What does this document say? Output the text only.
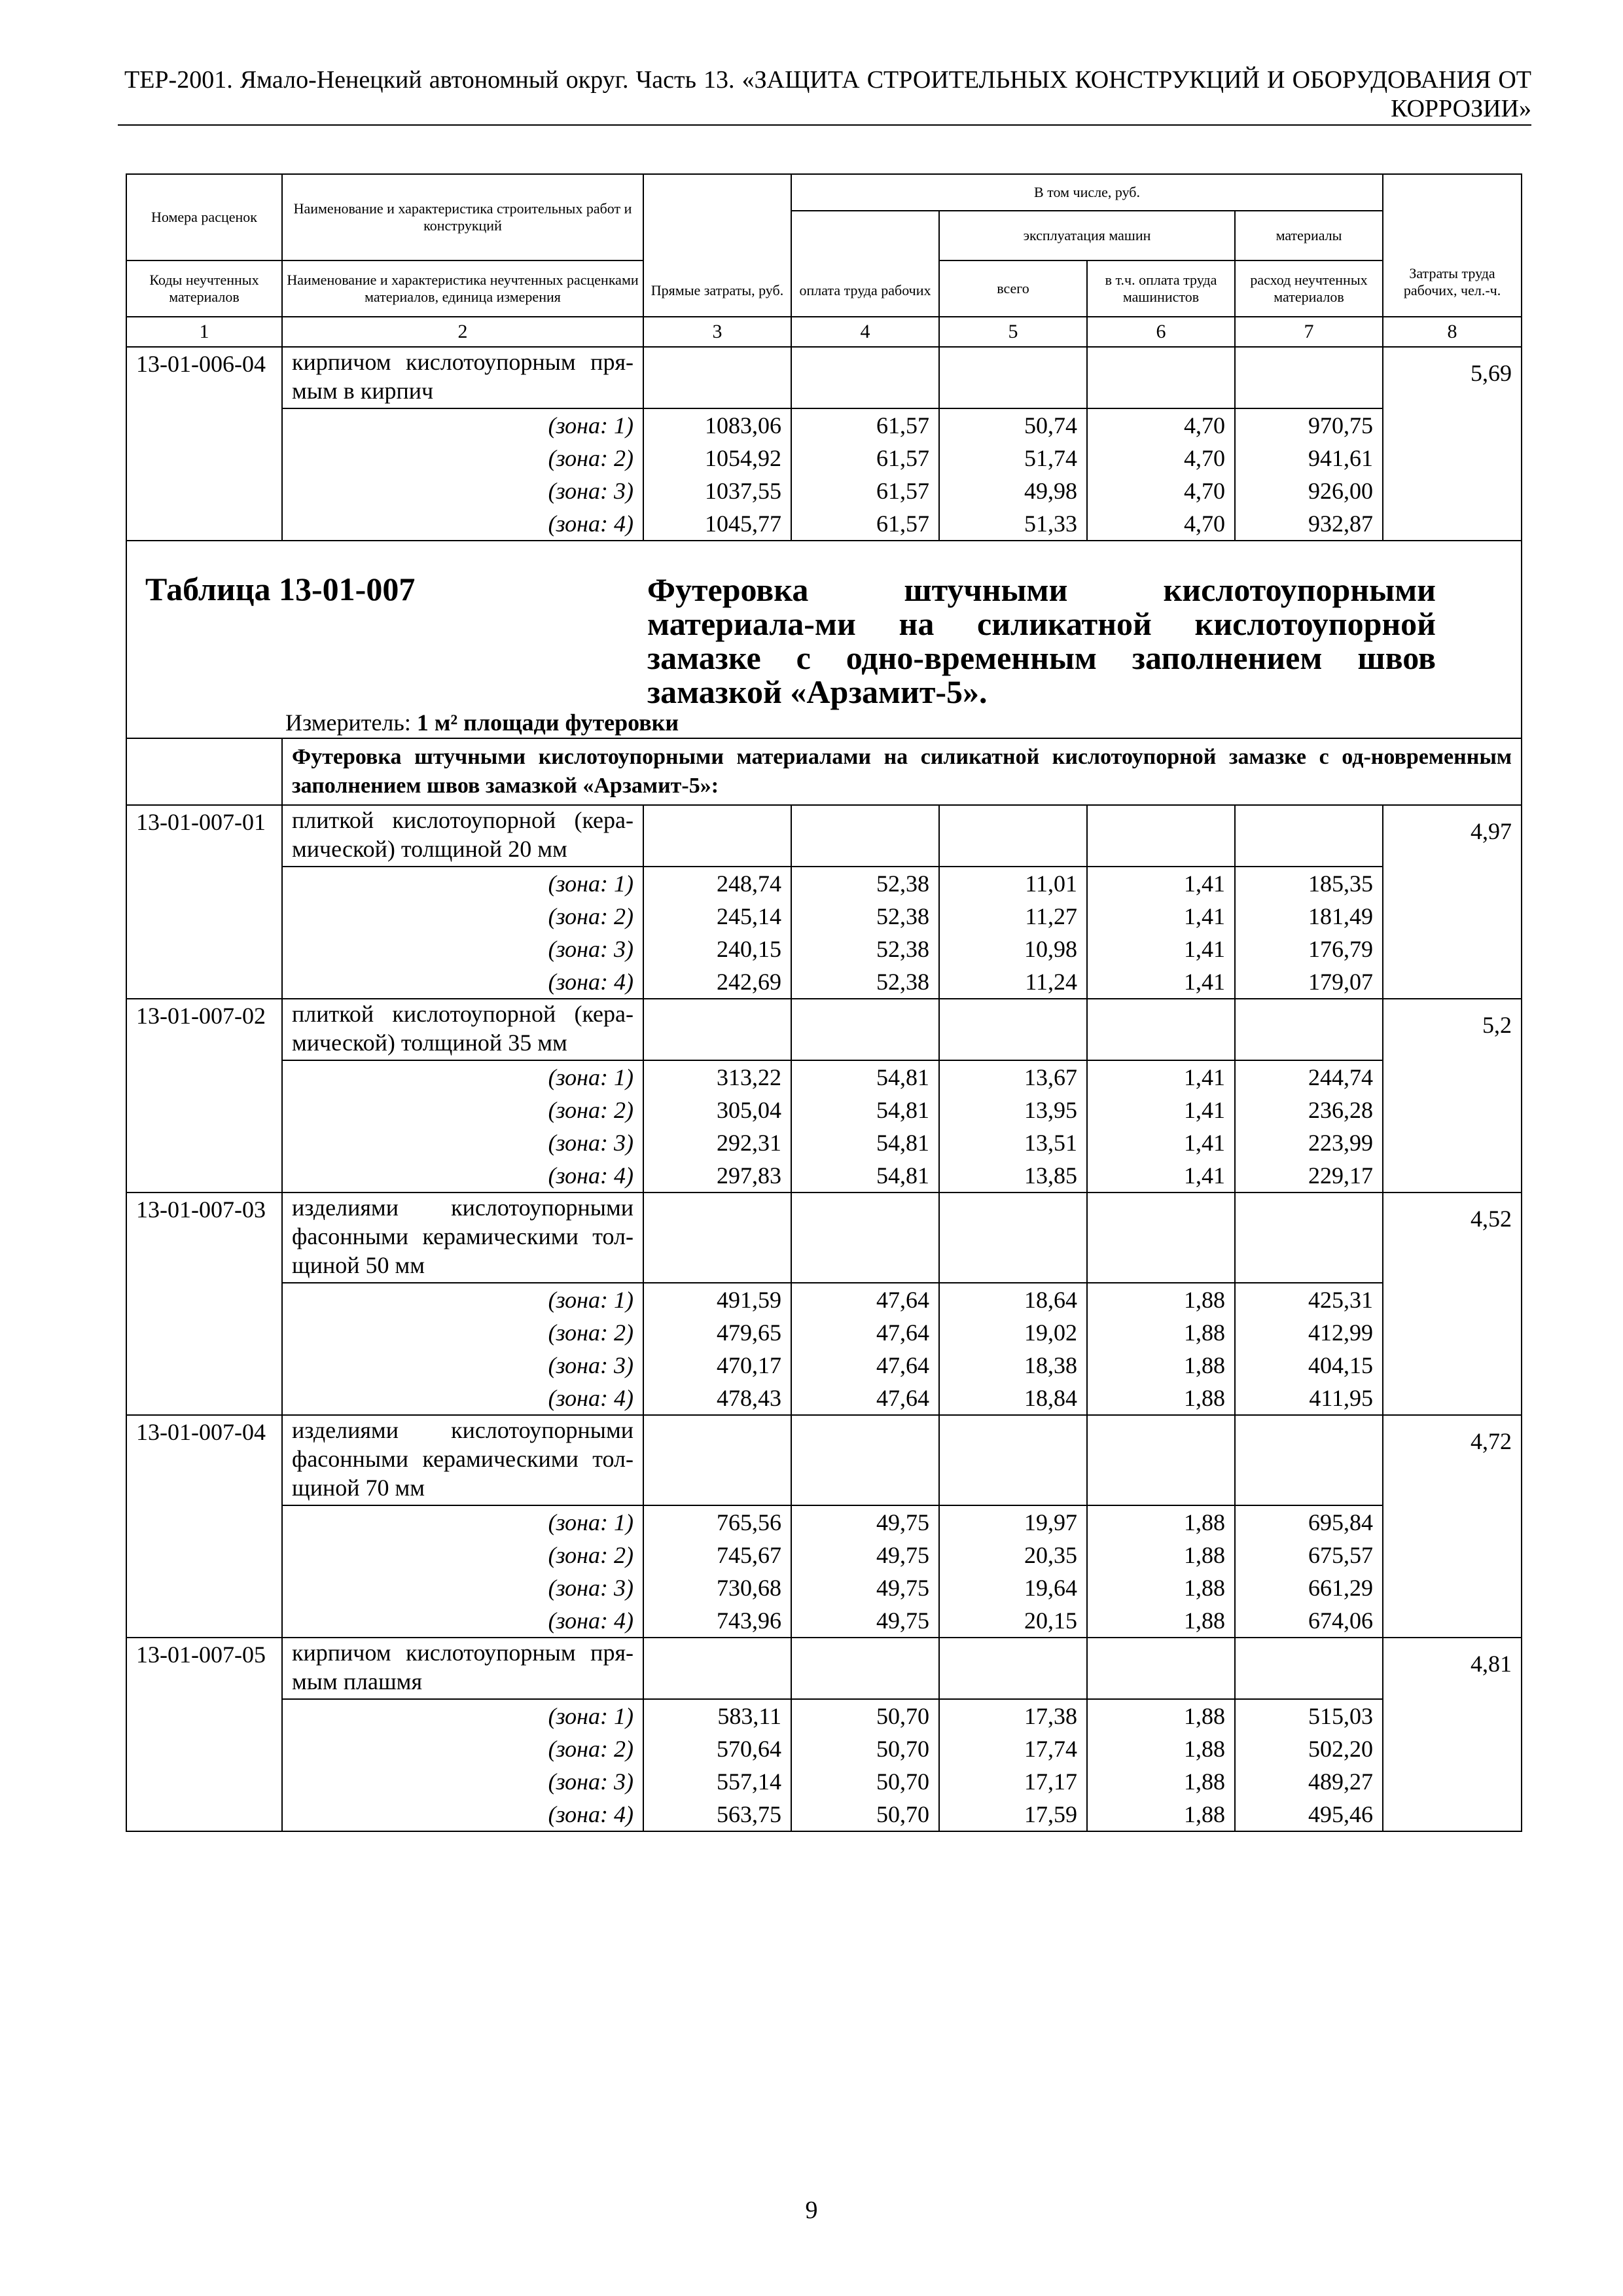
ТЕР-2001. Ямало-Ненецкий автономный округ. Часть 13. «ЗАЩИТА СТРОИТЕЛЬНЫХ КОНСТРУКЦИЙ И ОБОРУДОВАНИЯ ОТ
КОРРОЗИИ»
Номера расценок	Наименование и характеристика строительных работ и конструкций	Прямые затраты, руб.	В том числе, руб.				Затраты труда рабочих, чел.-ч.
			оплата труда рабочих	эксплуатация машин		материалы	
Коды неучтенных материалов	Наименование и характеристика неучтенных расценками материалов, единица измерения			всего	в т.ч. оплата труда машинистов	расход неучтенных материалов	
1	2	3	4	5	6	7	8
13-01-006-04	кирпичом кислотоупорным пря-мым в кирпич						5,69
	(зона: 1)	1083,06	61,57	50,74	4,70	970,75	
	(зона: 2)	1054,92	61,57	51,74	4,70	941,61	
	(зона: 3)	1037,55	61,57	49,98	4,70	926,00	
	(зона: 4)	1045,77	61,57	51,33	4,70	932,87	

Таблица 13-01-007 Футеровка штучными кислотоупорными материала-ми на силикатной кислотоупорной замазке с одно-временным заполнением швов замазкой «Арзамит-5».
Измеритель: 1 м² площади футеровки							

	Футеровка штучными кислотоупорными материалами на силикатной кислотоупорной замазке с од-новременным заполнением швов замазкой «Арзамит-5»:						
13-01-007-01	плиткой кислотоупорной (кера-мической) толщиной 20 мм						4,97
	(зона: 1)	248,74	52,38	11,01	1,41	185,35	
	(зона: 2)	245,14	52,38	11,27	1,41	181,49	
	(зона: 3)	240,15	52,38	10,98	1,41	176,79	
	(зона: 4)	242,69	52,38	11,24	1,41	179,07	
13-01-007-02	плиткой кислотоупорной (кера-мической) толщиной 35 мм						5,2
	(зона: 1)	313,22	54,81	13,67	1,41	244,74	
	(зона: 2)	305,04	54,81	13,95	1,41	236,28	
	(зона: 3)	292,31	54,81	13,51	1,41	223,99	
	(зона: 4)	297,83	54,81	13,85	1,41	229,17	
13-01-007-03	изделиями кислотоупорными фасонными керамическими тол-щиной 50 мм						4,52
	(зона: 1)	491,59	47,64	18,64	1,88	425,31	
	(зона: 2)	479,65	47,64	19,02	1,88	412,99	
	(зона: 3)	470,17	47,64	18,38	1,88	404,15	
	(зона: 4)	478,43	47,64	18,84	1,88	411,95	
13-01-007-04	изделиями кислотоупорными фасонными керамическими тол-щиной 70 мм						4,72
	(зона: 1)	765,56	49,75	19,97	1,88	695,84	
	(зона: 2)	745,67	49,75	20,35	1,88	675,57	
	(зона: 3)	730,68	49,75	19,64	1,88	661,29	
	(зона: 4)	743,96	49,75	20,15	1,88	674,06	
13-01-007-05	кирпичом кислотоупорным пря-мым плашмя						4,81
	(зона: 1)	583,11	50,70	17,38	1,88	515,03	
	(зона: 2)	570,64	50,70	17,74	1,88	502,20	
	(зона: 3)	557,14	50,70	17,17	1,88	489,27	
	(зона: 4)	563,75	50,70	17,59	1,88	495,46	
9
